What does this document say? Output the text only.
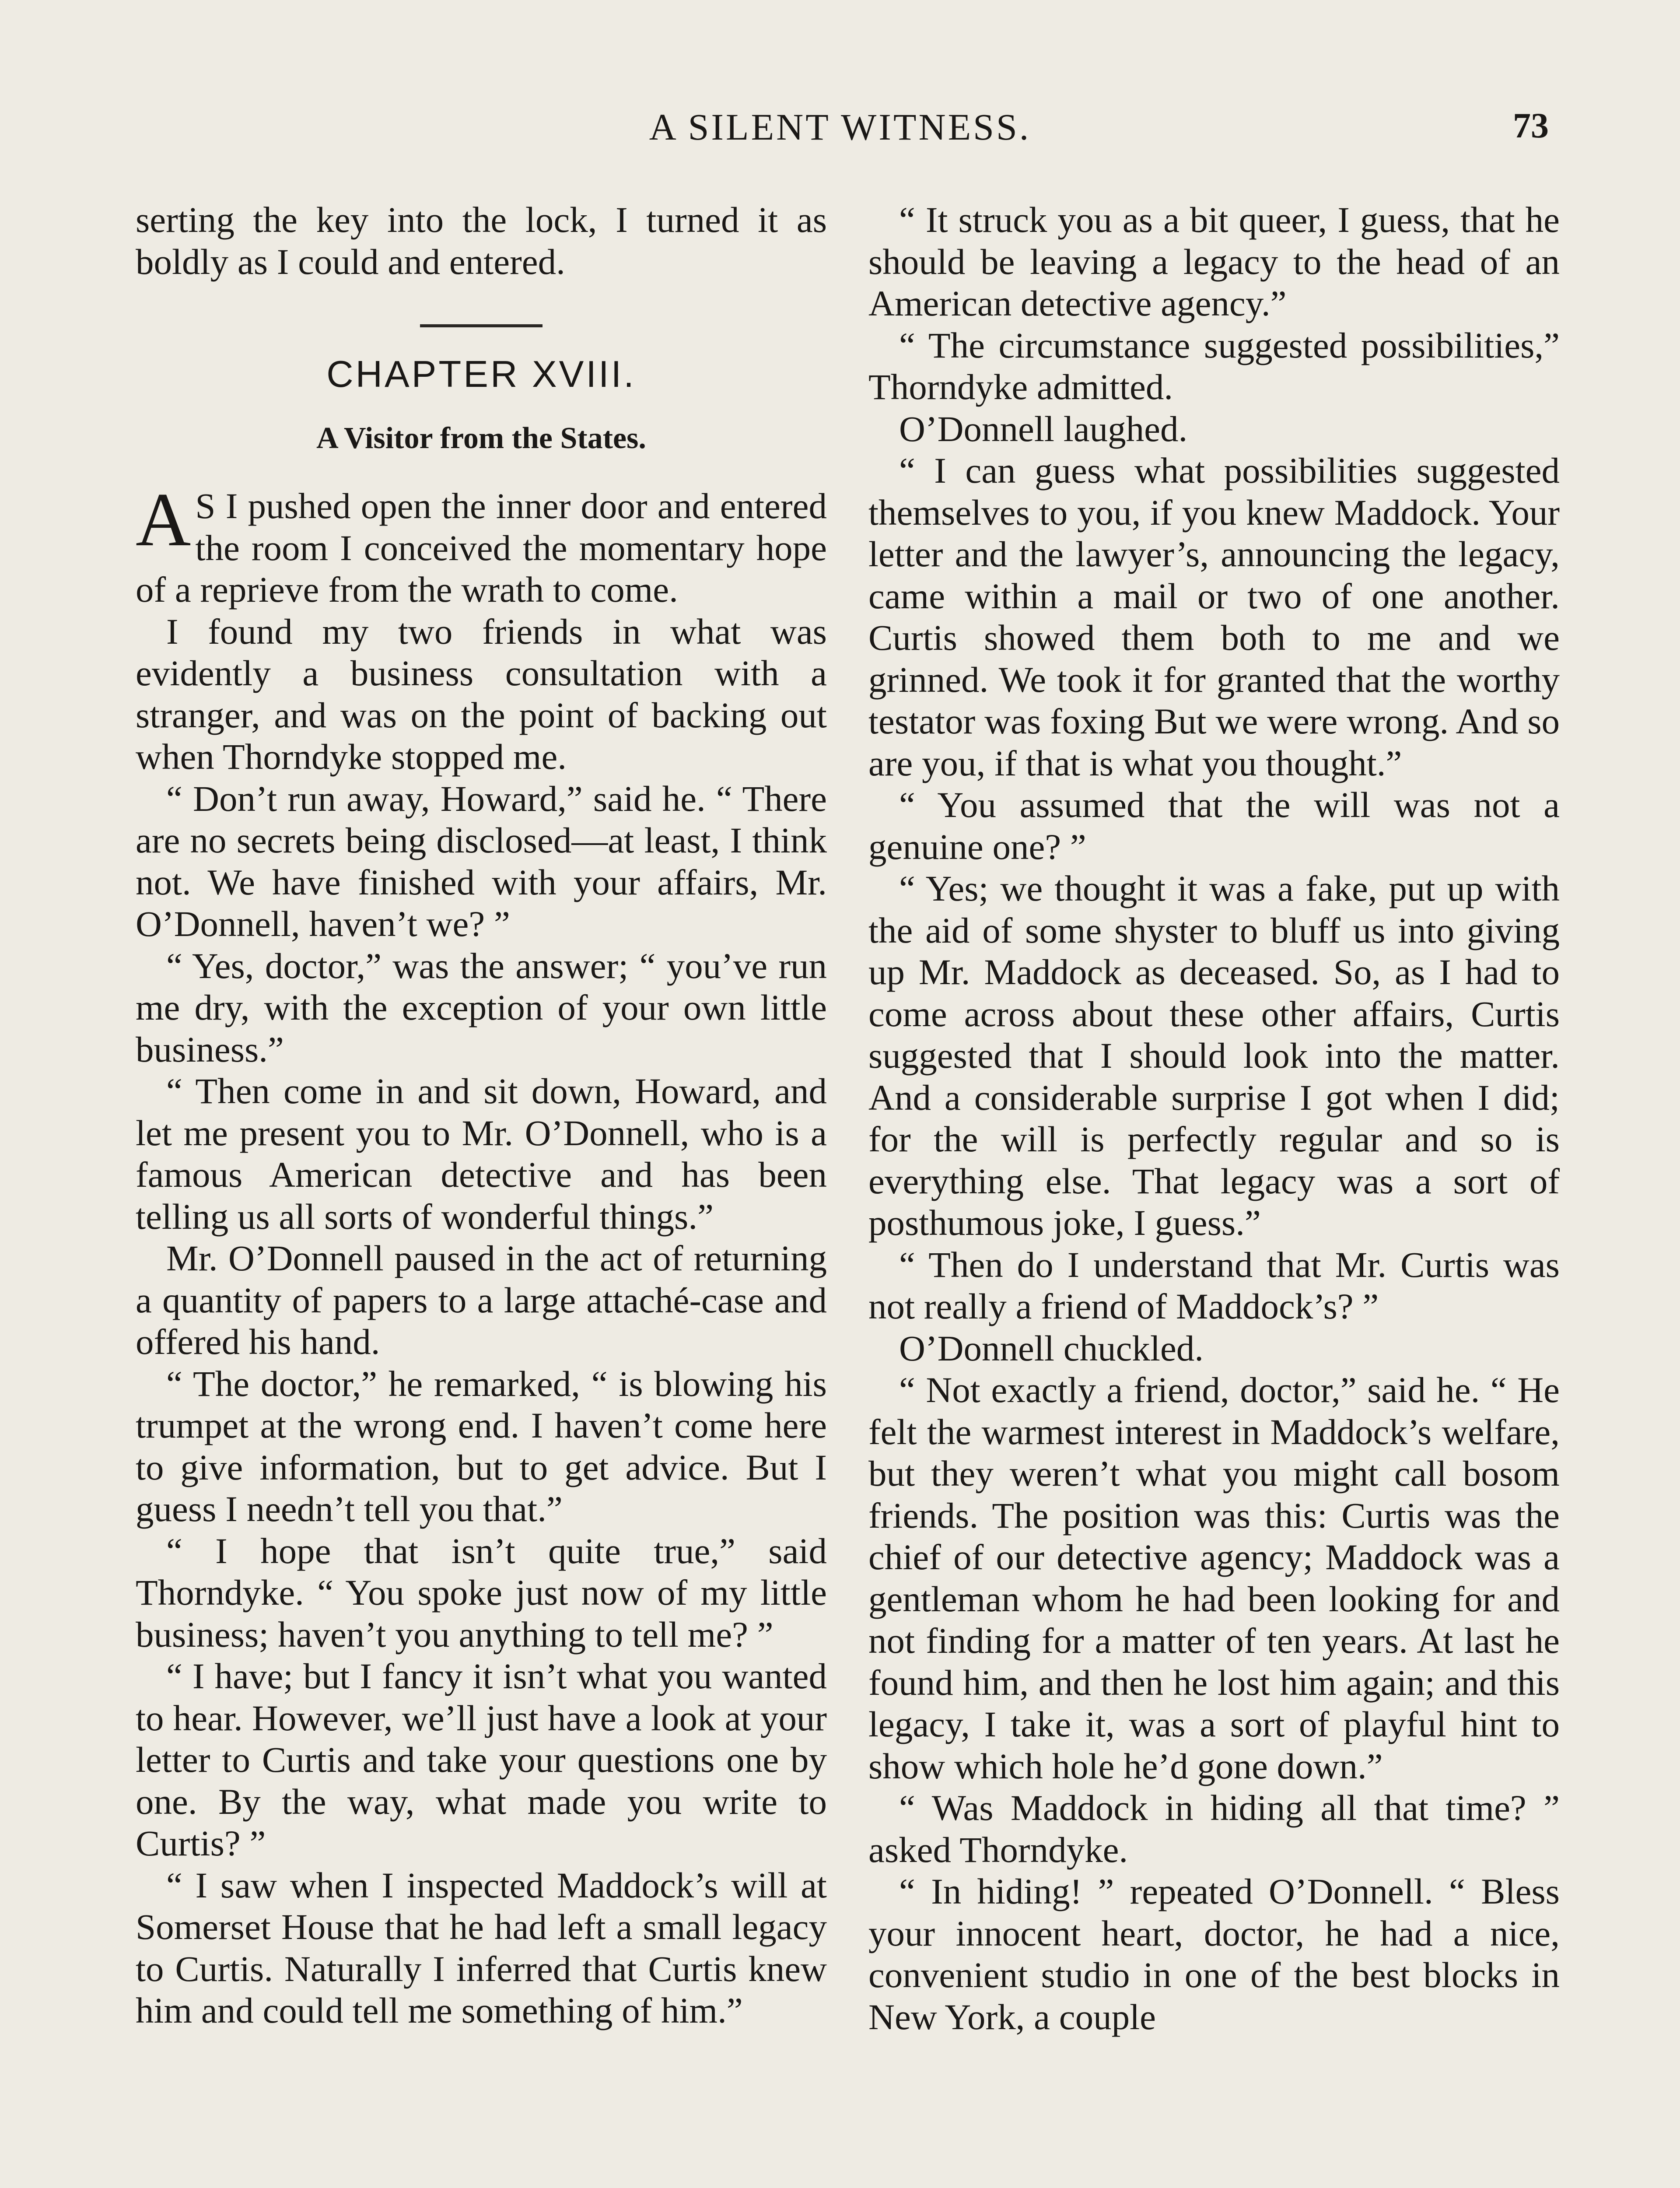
A SILENT WITNESS.	73

serting the key into the lock, I turned it as boldly as I could and entered.

CHAPTER XVIII.
A Visitor from the States.

A S I pushed open the inner door and entered the room I conceived the momentary hope of a reprieve from the wrath to come.

I found my two friends in what was evidently a business consultation with a stranger, and was on the point of backing out when Thorndyke stopped me.

“ Don’t run away, Howard,” said he. “ There are no secrets being disclosed—at least, I think not. We have finished with your affairs, Mr. O’Donnell, haven’t we? ”

“ Yes, doctor,” was the answer; “ you’ve run me dry, with the exception of your own little business.”

“ Then come in and sit down, Howard, and let me present you to Mr. O’Donnell, who is a famous American detective and has been telling us all sorts of wonderful things.”

Mr. O’Donnell paused in the act of returning a quantity of papers to a large attaché-case and offered his hand.

“ The doctor,” he remarked, “ is blowing his trumpet at the wrong end. I haven’t come here to give information, but to get advice. But I guess I needn’t tell you that.”

“ I hope that isn’t quite true,” said Thorndyke. “ You spoke just now of my little business; haven’t you anything to tell me? ”

“ I have; but I fancy it isn’t what you wanted to hear. However, we’ll just have a look at your letter to Curtis and take your questions one by one. By the way, what made you write to Curtis? ”

“ I saw when I inspected Maddock’s will at Somerset House that he had left a small legacy to Curtis. Naturally I inferred that Curtis knew him and could tell me something of him.”

“ It struck you as a bit queer, I guess, that he should be leaving a legacy to the head of an American detective agency.”

“ The circumstance suggested possibilities,” Thorndyke admitted.

O’Donnell laughed.

“ I can guess what possibilities suggested themselves to you, if you knew Maddock. Your letter and the lawyer’s, announcing the legacy, came within a mail or two of one another. Curtis showed them both to me and we grinned. We took it for granted that the worthy testator was foxing But we were wrong. And so are you, if that is what you thought.”

“ You assumed that the will was not a genuine one? ”

“ Yes; we thought it was a fake, put up with the aid of some shyster to bluff us into giving up Mr. Maddock as deceased. So, as I had to come across about these other affairs, Curtis suggested that I should look into the matter. And a considerable surprise I got when I did; for the will is perfectly regular and so is everything else. That legacy was a sort of posthumous joke, I guess.”

“ Then do I understand that Mr. Curtis was not really a friend of Maddock’s? ”

O’Donnell chuckled.

“ Not exactly a friend, doctor,” said he. “ He felt the warmest interest in Maddock’s welfare, but they weren’t what you might call bosom friends. The position was this: Curtis was the chief of our detective agency; Maddock was a gentleman whom he had been looking for and not finding for a matter of ten years. At last he found him, and then he lost him again; and this legacy, I take it, was a sort of playful hint to show which hole he’d gone down.”

“ Was Maddock in hiding all that time? ” asked Thorndyke.

“ In hiding! ” repeated O’Donnell. “ Bless your innocent heart, doctor, he had a nice, convenient studio in one of the best blocks in New York, a couple
